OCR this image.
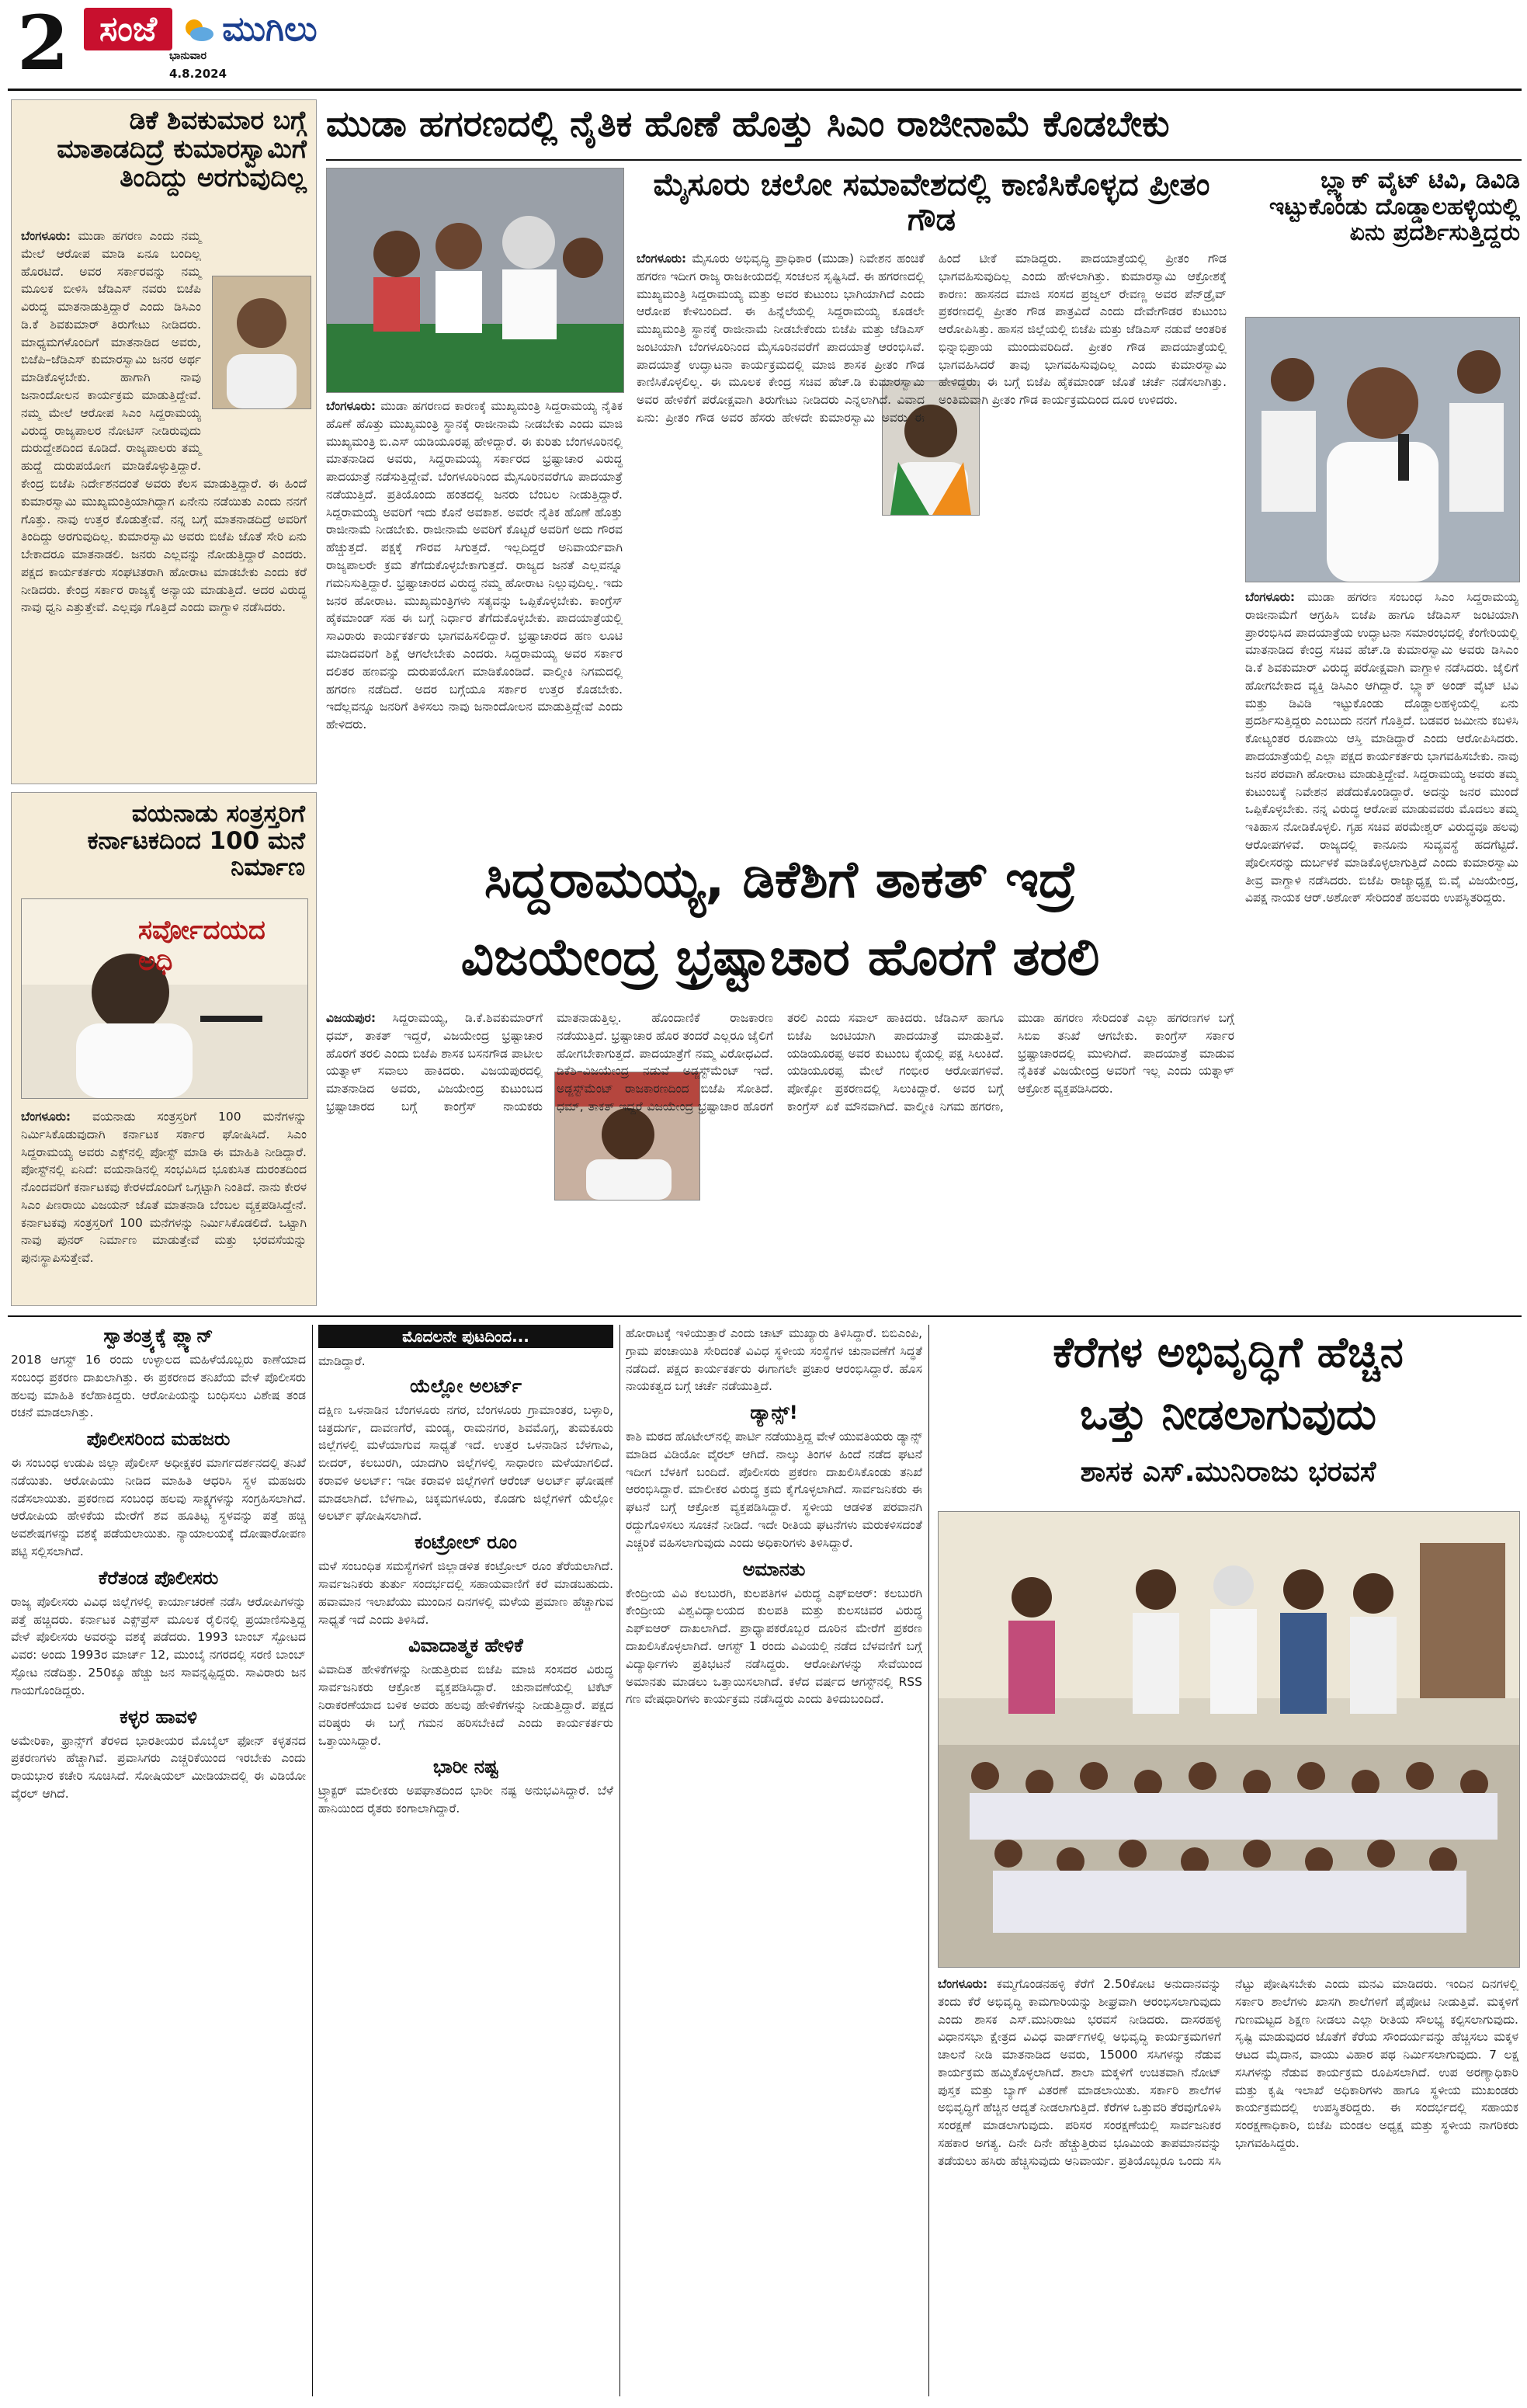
2 ಸಂಜೆ	ಮುಗಿಲು
ಭಾನುವಾರ
4.8.2024
ಡಿಕೆ ಶಿವಕುಮಾರ ಬಗ್ಗೆ ಮಾತಾಡದಿದ್ರೆ ಕುಮಾರಸ್ವಾಮಿಗೆ ತಿಂದಿದ್ದು ಅರಗುವುದಿಲ್ಲ
ಬೆಂಗಳೂರು: ಮುಡಾ ಹಗರಣ ಎಂದು ನಮ್ಮ ಮೇಲೆ ಆರೋಪ ಮಾಡಿ ಏನೂ ಬಂದಿಲ್ಲ ಹೊರಟಿದೆ. ಅವರ ಸರ್ಕಾರವನ್ನು ನಮ್ಮ ಮೂಲಕ ಬೀಳಿಸಿ ಜೆಡಿಎಸ್ ನವರು ಬಿಜೆಪಿ ವಿರುದ್ಧ ಮಾತನಾಡುತ್ತಿದ್ದಾರೆ ಎಂದು ಡಿಸಿಎಂ ಡಿ.ಕೆ ಶಿವಕುಮಾರ್ ತಿರುಗೇಟು ನೀಡಿದರು. ಮಾಧ್ಯಮಗಳೊಂದಿಗೆ ಮಾತನಾಡಿದ ಅವರು, ಬಿಜೆಪಿ–ಜೆಡಿಎಸ್ ಕುಮಾರಸ್ವಾಮಿ ಜನರ ಅರ್ಥ ಮಾಡಿಕೊಳ್ಳಬೇಕು. ಹಾಗಾಗಿ ನಾವು ಜನಾಂದೋಲನ ಕಾರ್ಯಕ್ರಮ ಮಾಡುತ್ತಿದ್ದೇವೆ. ನಮ್ಮ ಮೇಲೆ ಆರೋಪ ಸಿಎಂ ಸಿದ್ದರಾಮಯ್ಯ ವಿರುದ್ಧ ರಾಜ್ಯಪಾಲರ ನೋಟಿಸ್ ನೀಡಿರುವುದು ದುರುದ್ದೇಶದಿಂದ ಕೂಡಿದೆ. ರಾಜ್ಯಪಾಲರು ತಮ್ಮ ಹುದ್ದೆ ದುರುಪಯೋಗ ಮಾಡಿಕೊಳ್ಳುತ್ತಿದ್ದಾರೆ. ಕೇಂದ್ರ ಬಿಜೆಪಿ ನಿರ್ದೇಶನದಂತೆ ಅವರು ಕೆಲಸ ಮಾಡುತ್ತಿದ್ದಾರೆ. ಈ ಹಿಂದೆ ಕುಮಾರಸ್ವಾಮಿ ಮುಖ್ಯಮಂತ್ರಿಯಾಗಿದ್ದಾಗ ಏನೇನು ನಡೆಯಿತು ಎಂದು ನನಗೆ ಗೊತ್ತು. ನಾವು ಉತ್ತರ ಕೊಡುತ್ತೇವೆ. ನನ್ನ ಬಗ್ಗೆ ಮಾತನಾಡದಿದ್ರೆ ಅವರಿಗೆ ತಿಂದಿದ್ದು ಅರಗುವುದಿಲ್ಲ. ಕುಮಾರಸ್ವಾಮಿ ಅವರು ಬಿಜೆಪಿ ಜೊತೆ ಸೇರಿ ಏನು ಬೇಕಾದರೂ ಮಾತನಾಡಲಿ. ಜನರು ಎಲ್ಲವನ್ನು ನೋಡುತ್ತಿದ್ದಾರೆ ಎಂದರು. ಪಕ್ಷದ ಕಾರ್ಯಕರ್ತರು ಸಂಘಟಿತರಾಗಿ ಹೋರಾಟ ಮಾಡಬೇಕು ಎಂದು ಕರೆ ನೀಡಿದರು. ಕೇಂದ್ರ ಸರ್ಕಾರ ರಾಜ್ಯಕ್ಕೆ ಅನ್ಯಾಯ ಮಾಡುತ್ತಿದೆ. ಅದರ ವಿರುದ್ಧ ನಾವು ಧ್ವನಿ ಎತ್ತುತ್ತೇವೆ. ಎಲ್ಲವೂ ಗೊತ್ತಿದೆ ಎಂದು ವಾಗ್ದಾಳಿ ನಡೆಸಿದರು.
ವಯನಾಡು ಸಂತ್ರಸ್ತರಿಗೆ ಕರ್ನಾಟಕದಿಂದ 100 ಮನೆ ನಿರ್ಮಾಣ
ಸರ್ವೋದಯದ ಅಧಿ
ಬೆಂಗಳೂರು: ವಯನಾಡು ಸಂತ್ರಸ್ತರಿಗೆ 100 ಮನೆಗಳನ್ನು ನಿರ್ಮಿಸಿಕೊಡುವುದಾಗಿ ಕರ್ನಾಟಕ ಸರ್ಕಾರ ಘೋಷಿಸಿದೆ. ಸಿಎಂ ಸಿದ್ದರಾಮಯ್ಯ ಅವರು ಎಕ್ಸ್‌ನಲ್ಲಿ ಪೋಸ್ಟ್ ಮಾಡಿ ಈ ಮಾಹಿತಿ ನೀಡಿದ್ದಾರೆ. ಪೋಸ್ಟ್‌ನಲ್ಲಿ ಏನಿದೆ: ವಯನಾಡಿನಲ್ಲಿ ಸಂಭವಿಸಿದ ಭೂಕುಸಿತ ದುರಂತದಿಂದ ನೊಂದವರಿಗೆ ಕರ್ನಾಟಕವು ಕೇರಳದೊಂದಿಗೆ ಒಗ್ಗಟ್ಟಾಗಿ ನಿಂತಿದೆ. ನಾನು ಕೇರಳ ಸಿಎಂ ಪಿಣರಾಯಿ ವಿಜಯನ್ ಜೊತೆ ಮಾತನಾಡಿ ಬೆಂಬಲ ವ್ಯಕ್ತಪಡಿಸಿದ್ದೇನೆ. ಕರ್ನಾಟಕವು ಸಂತ್ರಸ್ತರಿಗೆ 100 ಮನೆಗಳನ್ನು ನಿರ್ಮಿಸಿಕೊಡಲಿದೆ. ಒಟ್ಟಾಗಿ ನಾವು ಪುನರ್ ನಿರ್ಮಾಣ ಮಾಡುತ್ತೇವೆ ಮತ್ತು ಭರವಸೆಯನ್ನು ಪುನಃಸ್ಥಾಪಿಸುತ್ತೇವೆ.
ಮುಡಾ ಹಗರಣದಲ್ಲಿ ನೈತಿಕ ಹೊಣೆ ಹೊತ್ತು ಸಿಎಂ ರಾಜೀನಾಮೆ ಕೊಡಬೇಕು
ಬೆಂಗಳೂರು: ಮುಡಾ ಹಗರಣದ ಕಾರಣಕ್ಕೆ ಮುಖ್ಯಮಂತ್ರಿ ಸಿದ್ದರಾಮಯ್ಯ ನೈತಿಕ ಹೊಣೆ ಹೊತ್ತು ಮುಖ್ಯಮಂತ್ರಿ ಸ್ಥಾನಕ್ಕೆ ರಾಜೀನಾಮೆ ನೀಡಬೇಕು ಎಂದು ಮಾಜಿ ಮುಖ್ಯಮಂತ್ರಿ ಬಿ.ಎಸ್ ಯಡಿಯೂರಪ್ಪ ಹೇಳಿದ್ದಾರೆ. ಈ ಕುರಿತು ಬೆಂಗಳೂರಿನಲ್ಲಿ ಮಾತನಾಡಿದ ಅವರು, ಸಿದ್ದರಾಮಯ್ಯ ಸರ್ಕಾರದ ಭ್ರಷ್ಟಾಚಾರ ವಿರುದ್ಧ ಪಾದಯಾತ್ರೆ ನಡೆಸುತ್ತಿದ್ದೇವೆ. ಬೆಂಗಳೂರಿನಿಂದ ಮೈಸೂರಿನವರೆಗೂ ಪಾದಯಾತ್ರೆ ನಡೆಯುತ್ತಿದೆ. ಪ್ರತಿಯೊಂದು ಹಂತದಲ್ಲಿ ಜನರು ಬೆಂಬಲ ನೀಡುತ್ತಿದ್ದಾರೆ. ಸಿದ್ದರಾಮಯ್ಯ ಅವರಿಗೆ ಇದು ಕೊನೆ ಅವಕಾಶ. ಅವರೇ ನೈತಿಕ ಹೊಣೆ ಹೊತ್ತು ರಾಜೀನಾಮೆ ನೀಡಬೇಕು. ರಾಜೀನಾಮೆ ಅವರಿಗೆ ಕೊಟ್ಟರೆ ಅವರಿಗೆ ಅದು ಗೌರವ ಹೆಚ್ಚುತ್ತದೆ. ಪಕ್ಷಕ್ಕೆ ಗೌರವ ಸಿಗುತ್ತದೆ. ಇಲ್ಲದಿದ್ದರೆ ಅನಿವಾರ್ಯವಾಗಿ ರಾಜ್ಯಪಾಲರೇ ಕ್ರಮ ತೆಗೆದುಕೊಳ್ಳಬೇಕಾಗುತ್ತದೆ. ರಾಜ್ಯದ ಜನತೆ ಎಲ್ಲವನ್ನೂ ಗಮನಿಸುತ್ತಿದ್ದಾರೆ. ಭ್ರಷ್ಟಾಚಾರದ ವಿರುದ್ಧ ನಮ್ಮ ಹೋರಾಟ ನಿಲ್ಲುವುದಿಲ್ಲ. ಇದು ಜನರ ಹೋರಾಟ. ಮುಖ್ಯಮಂತ್ರಿಗಳು ಸತ್ಯವನ್ನು ಒಪ್ಪಿಕೊಳ್ಳಬೇಕು. ಕಾಂಗ್ರೆಸ್ ಹೈಕಮಾಂಡ್ ಸಹ ಈ ಬಗ್ಗೆ ನಿರ್ಧಾರ ತೆಗೆದುಕೊಳ್ಳಬೇಕು. ಪಾದಯಾತ್ರೆಯಲ್ಲಿ ಸಾವಿರಾರು ಕಾರ್ಯಕರ್ತರು ಭಾಗವಹಿಸಲಿದ್ದಾರೆ. ಭ್ರಷ್ಟಾಚಾರದ ಹಣ ಲೂಟಿ ಮಾಡಿದವರಿಗೆ ಶಿಕ್ಷೆ ಆಗಲೇಬೇಕು ಎಂದರು. ಸಿದ್ದರಾಮಯ್ಯ ಅವರ ಸರ್ಕಾರ ದಲಿತರ ಹಣವನ್ನು ದುರುಪಯೋಗ ಮಾಡಿಕೊಂಡಿದೆ. ವಾಲ್ಮೀಕಿ ನಿಗಮದಲ್ಲಿ ಹಗರಣ ನಡೆದಿದೆ. ಅದರ ಬಗ್ಗೆಯೂ ಸರ್ಕಾರ ಉತ್ತರ ಕೊಡಬೇಕು. ಇದೆಲ್ಲವನ್ನೂ ಜನರಿಗೆ ತಿಳಿಸಲು ನಾವು ಜನಾಂದೋಲನ ಮಾಡುತ್ತಿದ್ದೇವೆ ಎಂದು ಹೇಳಿದರು.
ಮೈಸೂರು ಚಲೋ ಸಮಾವೇಶದಲ್ಲಿ ಕಾಣಿಸಿಕೊಳ್ಳದ ಪ್ರೀತಂ ಗೌಡ
ಬೆಂಗಳೂರು: ಮೈಸೂರು ಅಭಿವೃದ್ಧಿ ಪ್ರಾಧಿಕಾರ (ಮುಡಾ) ನಿವೇಶನ ಹಂಚಿಕೆ ಹಗರಣ ಇದೀಗ ರಾಜ್ಯ ರಾಜಕೀಯದಲ್ಲಿ ಸಂಚಲನ ಸೃಷ್ಟಿಸಿದೆ. ಈ ಹಗರಣದಲ್ಲಿ ಮುಖ್ಯಮಂತ್ರಿ ಸಿದ್ದರಾಮಯ್ಯ ಮತ್ತು ಅವರ ಕುಟುಂಬ ಭಾಗಿಯಾಗಿದೆ ಎಂದು ಆರೋಪ ಕೇಳಿಬಂದಿದೆ. ಈ ಹಿನ್ನೆಲೆಯಲ್ಲಿ ಸಿದ್ದರಾಮಯ್ಯ ಕೂಡಲೇ ಮುಖ್ಯಮಂತ್ರಿ ಸ್ಥಾನಕ್ಕೆ ರಾಜೀನಾಮೆ ನೀಡಬೇಕೆಂದು ಬಿಜೆಪಿ ಮತ್ತು ಜೆಡಿಎಸ್ ಜಂಟಿಯಾಗಿ ಬೆಂಗಳೂರಿನಿಂದ ಮೈಸೂರಿನವರೆಗೆ ಪಾದಯಾತ್ರೆ ಆರಂಭಿಸಿವೆ. ಪಾದಯಾತ್ರೆ ಉದ್ಘಾಟನಾ ಕಾರ್ಯಕ್ರಮದಲ್ಲಿ ಮಾಜಿ ಶಾಸಕ ಪ್ರೀತಂ ಗೌಡ ಕಾಣಿಸಿಕೊಳ್ಳಲಿಲ್ಲ. ಈ ಮೂಲಕ ಕೇಂದ್ರ ಸಚಿವ ಹೆಚ್.ಡಿ ಕುಮಾರಸ್ವಾಮಿ ಅವರ ಹೇಳಿಕೆಗೆ ಪರೋಕ್ಷವಾಗಿ ತಿರುಗೇಟು ನೀಡಿದರು ಎನ್ನಲಾಗಿದೆ. ವಿವಾದ ಏನು: ಪ್ರೀತಂ ಗೌಡ ಅವರ ಹೆಸರು ಹೇಳದೇ ಕುಮಾರಸ್ವಾಮಿ ಅವರು ಈ ಹಿಂದೆ ಟೀಕೆ ಮಾಡಿದ್ದರು. ಪಾದಯಾತ್ರೆಯಲ್ಲಿ ಪ್ರೀತಂ ಗೌಡ ಭಾಗವಹಿಸುವುದಿಲ್ಲ ಎಂದು ಹೇಳಲಾಗಿತ್ತು. ಕುಮಾರಸ್ವಾಮಿ ಆಕ್ರೋಶಕ್ಕೆ ಕಾರಣ: ಹಾಸನದ ಮಾಜಿ ಸಂಸದ ಪ್ರಜ್ವಲ್ ರೇವಣ್ಣ ಅವರ ಪೆನ್‌ಡ್ರೈವ್ ಪ್ರಕರಣದಲ್ಲಿ ಪ್ರೀತಂ ಗೌಡ ಪಾತ್ರವಿದೆ ಎಂದು ದೇವೇಗೌಡರ ಕುಟುಂಬ ಆರೋಪಿಸಿತ್ತು. ಹಾಸನ ಜಿಲ್ಲೆಯಲ್ಲಿ ಬಿಜೆಪಿ ಮತ್ತು ಜೆಡಿಎಸ್ ನಡುವೆ ಆಂತರಿಕ ಭಿನ್ನಾಭಿಪ್ರಾಯ ಮುಂದುವರಿದಿದೆ. ಪ್ರೀತಂ ಗೌಡ ಪಾದಯಾತ್ರೆಯಲ್ಲಿ ಭಾಗವಹಿಸಿದರೆ ತಾವು ಭಾಗವಹಿಸುವುದಿಲ್ಲ ಎಂದು ಕುಮಾರಸ್ವಾಮಿ ಹೇಳಿದ್ದರು. ಈ ಬಗ್ಗೆ ಬಿಜೆಪಿ ಹೈಕಮಾಂಡ್ ಜೊತೆ ಚರ್ಚೆ ನಡೆಸಲಾಗಿತ್ತು. ಅಂತಿಮವಾಗಿ ಪ್ರೀತಂ ಗೌಡ ಕಾರ್ಯಕ್ರಮದಿಂದ ದೂರ ಉಳಿದರು.
ಬ್ಲ್ಯಾಕ್ ವೈಟ್ ಟಿವಿ, ಡಿವಿಡಿ ಇಟ್ಟುಕೊಂಡು ದೊಡ್ಡಾಲಹಳ್ಳಿಯಲ್ಲಿ ಏನು ಪ್ರದರ್ಶಿಸುತ್ತಿದ್ದರು
ಬೆಂಗಳೂರು: ಮುಡಾ ಹಗರಣ ಸಂಬಂಧ ಸಿಎಂ ಸಿದ್ದರಾಮಯ್ಯ ರಾಜೀನಾಮೆಗೆ ಆಗ್ರಹಿಸಿ ಬಿಜೆಪಿ ಹಾಗೂ ಜೆಡಿಎಸ್ ಜಂಟಿಯಾಗಿ ಪ್ರಾರಂಭಿಸಿದ ಪಾದಯಾತ್ರೆಯ ಉದ್ಘಾಟನಾ ಸಮಾರಂಭದಲ್ಲಿ ಕೆಂಗೇರಿಯಲ್ಲಿ ಮಾತನಾಡಿದ ಕೇಂದ್ರ ಸಚಿವ ಹೆಚ್.ಡಿ ಕುಮಾರಸ್ವಾಮಿ ಅವರು ಡಿಸಿಎಂ ಡಿ.ಕೆ ಶಿವಕುಮಾರ್ ವಿರುದ್ಧ ಪರೋಕ್ಷವಾಗಿ ವಾಗ್ದಾಳಿ ನಡೆಸಿದರು. ಜೈಲಿಗೆ ಹೋಗಬೇಕಾದ ವ್ಯಕ್ತಿ ಡಿಸಿಎಂ ಆಗಿದ್ದಾರೆ. ಬ್ಲ್ಯಾಕ್ ಅಂಡ್ ವೈಟ್ ಟಿವಿ ಮತ್ತು ಡಿವಿಡಿ ಇಟ್ಟುಕೊಂಡು ದೊಡ್ಡಾಲಹಳ್ಳಿಯಲ್ಲಿ ಏನು ಪ್ರದರ್ಶಿಸುತ್ತಿದ್ದರು ಎಂಬುದು ನನಗೆ ಗೊತ್ತಿದೆ. ಬಡವರ ಜಮೀನು ಕಬಳಿಸಿ ಕೋಟ್ಯಂತರ ರೂಪಾಯಿ ಆಸ್ತಿ ಮಾಡಿದ್ದಾರೆ ಎಂದು ಆರೋಪಿಸಿದರು. ಪಾದಯಾತ್ರೆಯಲ್ಲಿ ಎಲ್ಲಾ ಪಕ್ಷದ ಕಾರ್ಯಕರ್ತರು ಭಾಗವಹಿಸಬೇಕು. ನಾವು ಜನರ ಪರವಾಗಿ ಹೋರಾಟ ಮಾಡುತ್ತಿದ್ದೇವೆ. ಸಿದ್ದರಾಮಯ್ಯ ಅವರು ತಮ್ಮ ಕುಟುಂಬಕ್ಕೆ ನಿವೇಶನ ಪಡೆದುಕೊಂಡಿದ್ದಾರೆ. ಅದನ್ನು ಜನರ ಮುಂದೆ ಒಪ್ಪಿಕೊಳ್ಳಬೇಕು. ನನ್ನ ವಿರುದ್ಧ ಆರೋಪ ಮಾಡುವವರು ಮೊದಲು ತಮ್ಮ ಇತಿಹಾಸ ನೋಡಿಕೊಳ್ಳಲಿ. ಗೃಹ ಸಚಿವ ಪರಮೇಶ್ವರ್ ವಿರುದ್ಧವೂ ಹಲವು ಆರೋಪಗಳಿವೆ. ರಾಜ್ಯದಲ್ಲಿ ಕಾನೂನು ಸುವ್ಯವಸ್ಥೆ ಹದಗೆಟ್ಟಿದೆ. ಪೊಲೀಸರನ್ನು ದುರ್ಬಳಕೆ ಮಾಡಿಕೊಳ್ಳಲಾಗುತ್ತಿದೆ ಎಂದು ಕುಮಾರಸ್ವಾಮಿ ತೀವ್ರ ವಾಗ್ದಾಳಿ ನಡೆಸಿದರು. ಬಿಜೆಪಿ ರಾಜ್ಯಾಧ್ಯಕ್ಷ ಬಿ.ವೈ ವಿಜಯೇಂದ್ರ, ವಿಪಕ್ಷ ನಾಯಕ ಆರ್.ಅಶೋಕ್ ಸೇರಿದಂತೆ ಹಲವರು ಉಪಸ್ಥಿತರಿದ್ದರು.
ಸಿದ್ದರಾಮಯ್ಯ, ಡಿಕೆಶಿಗೆ ತಾಕತ್ ಇದ್ರೆ
ವಿಜಯೇಂದ್ರ ಭ್ರಷ್ಟಾಚಾರ ಹೊರಗೆ ತರಲಿ
ವಿಜಯಪುರ: ಸಿದ್ದರಾಮಯ್ಯ, ಡಿ.ಕೆ.ಶಿವಕುಮಾರ್‌ಗೆ ಧಮ್, ತಾಕತ್ ಇದ್ದರೆ, ವಿಜಯೇಂದ್ರ ಭ್ರಷ್ಟಾಚಾರ ಹೊರಗೆ ತರಲಿ ಎಂದು ಬಿಜೆಪಿ ಶಾಸಕ ಬಸನಗೌಡ ಪಾಟೀಲ ಯತ್ನಾಳ್ ಸವಾಲು ಹಾಕಿದರು. ವಿಜಯಪುರದಲ್ಲಿ ಮಾತನಾಡಿದ ಅವರು, ವಿಜಯೇಂದ್ರ ಕುಟುಂಬದ ಭ್ರಷ್ಟಾಚಾರದ ಬಗ್ಗೆ ಕಾಂಗ್ರೆಸ್ ನಾಯಕರು ಮಾತನಾಡುತ್ತಿಲ್ಲ. ಹೊಂದಾಣಿಕೆ ರಾಜಕಾರಣ ನಡೆಯುತ್ತಿದೆ. ಭ್ರಷ್ಟಾಚಾರ ಹೊರ ತಂದರೆ ಎಲ್ಲರೂ ಜೈಲಿಗೆ ಹೋಗಬೇಕಾಗುತ್ತದೆ. ಪಾದಯಾತ್ರೆಗೆ ನಮ್ಮ ವಿರೋಧವಿದೆ. ಡಿಕೆಶಿ–ವಿಜಯೇಂದ್ರ ನಡುವೆ ಅಡ್ಜಸ್ಟ್‌ಮೆಂಟ್ ಇದೆ. ಅಡ್ಜಸ್ಟ್‌ಮೆಂಟ್ ರಾಜಕಾರಣದಿಂದ ಬಿಜೆಪಿ ಸೋತಿದೆ. ಧಮ್, ತಾಕತ್ ಇದ್ದರೆ ವಿಜಯೇಂದ್ರ ಭ್ರಷ್ಟಾಚಾರ ಹೊರಗೆ ತರಲಿ ಎಂದು ಸವಾಲ್ ಹಾಕಿದರು. ಜೆಡಿಎಸ್ ಹಾಗೂ ಬಿಜೆಪಿ ಜಂಟಿಯಾಗಿ ಪಾದಯಾತ್ರೆ ಮಾಡುತ್ತಿವೆ. ಯಡಿಯೂರಪ್ಪ ಅವರ ಕುಟುಂಬ ಕೈಯಲ್ಲಿ ಪಕ್ಷ ಸಿಲುಕಿದೆ. ಯಡಿಯೂರಪ್ಪ ಮೇಲೆ ಗಂಭೀರ ಆರೋಪಗಳಿವೆ. ಪೋಕ್ಸೋ ಪ್ರಕರಣದಲ್ಲಿ ಸಿಲುಕಿದ್ದಾರೆ. ಅವರ ಬಗ್ಗೆ ಕಾಂಗ್ರೆಸ್ ಏಕೆ ಮೌನವಾಗಿದೆ. ವಾಲ್ಮೀಕಿ ನಿಗಮ ಹಗರಣ, ಮುಡಾ ಹಗರಣ ಸೇರಿದಂತೆ ಎಲ್ಲಾ ಹಗರಣಗಳ ಬಗ್ಗೆ ಸಿಬಿಐ ತನಿಖೆ ಆಗಬೇಕು. ಕಾಂಗ್ರೆಸ್ ಸರ್ಕಾರ ಭ್ರಷ್ಟಾಚಾರದಲ್ಲಿ ಮುಳುಗಿದೆ. ಪಾದಯಾತ್ರೆ ಮಾಡುವ ನೈತಿಕತೆ ವಿಜಯೇಂದ್ರ ಅವರಿಗೆ ಇಲ್ಲ ಎಂದು ಯತ್ನಾಳ್ ಆಕ್ರೋಶ ವ್ಯಕ್ತಪಡಿಸಿದರು.
ಸ್ವಾತಂತ್ರ್ಯಕ್ಕೆ ಪ್ಲ್ಯಾನ್
2018 ಆಗಸ್ಟ್ 16 ರಂದು ಉಳ್ಳಾಲದ ಮಹಿಳೆಯೊಬ್ಬರು ಕಾಣೆಯಾದ ಸಂಬಂಧ ಪ್ರಕರಣ ದಾಖಲಾಗಿತ್ತು. ಈ ಪ್ರಕರಣದ ತನಿಖೆಯ ವೇಳೆ ಪೊಲೀಸರು ಹಲವು ಮಾಹಿತಿ ಕಲೆಹಾಕಿದ್ದರು. ಆರೋಪಿಯನ್ನು ಬಂಧಿಸಲು ವಿಶೇಷ ತಂಡ ರಚನೆ ಮಾಡಲಾಗಿತ್ತು.
ಪೊಲೀಸರಿಂದ ಮಹಜರು
ಈ ಸಂಬಂಧ ಉಡುಪಿ ಜಿಲ್ಲಾ ಪೊಲೀಸ್ ಅಧೀಕ್ಷಕರ ಮಾರ್ಗದರ್ಶನದಲ್ಲಿ ತನಿಖೆ ನಡೆಯಿತು. ಆರೋಪಿಯು ನೀಡಿದ ಮಾಹಿತಿ ಆಧರಿಸಿ ಸ್ಥಳ ಮಹಜರು ನಡೆಸಲಾಯಿತು. ಪ್ರಕರಣದ ಸಂಬಂಧ ಹಲವು ಸಾಕ್ಷ್ಯಗಳನ್ನು ಸಂಗ್ರಹಿಸಲಾಗಿದೆ. ಆರೋಪಿಯ ಹೇಳಿಕೆಯ ಮೇರೆಗೆ ಶವ ಹೂತಿಟ್ಟ ಸ್ಥಳವನ್ನು ಪತ್ತೆ ಹಚ್ಚಿ ಅವಶೇಷಗಳನ್ನು ವಶಕ್ಕೆ ಪಡೆಯಲಾಯಿತು. ನ್ಯಾಯಾಲಯಕ್ಕೆ ದೋಷಾರೋಪಣ ಪಟ್ಟಿ ಸಲ್ಲಿಸಲಾಗಿದೆ.
ಕೆರೆತಂಡ ಪೊಲೀಸರು
ರಾಜ್ಯ ಪೊಲೀಸರು ವಿವಿಧ ಜಿಲ್ಲೆಗಳಲ್ಲಿ ಕಾರ್ಯಾಚರಣೆ ನಡೆಸಿ ಆರೋಪಿಗಳನ್ನು ಪತ್ತೆ ಹಚ್ಚಿದರು. ಕರ್ನಾಟಕ ಎಕ್ಸ್‌ಪ್ರೆಸ್ ಮೂಲಕ ರೈಲಿನಲ್ಲಿ ಪ್ರಯಾಣಿಸುತ್ತಿದ್ದ ವೇಳೆ ಪೊಲೀಸರು ಅವರನ್ನು ವಶಕ್ಕೆ ಪಡೆದರು. 1993 ಬಾಂಬ್ ಸ್ಫೋಟದ ವಿವರ: ಅಂದು 1993ರ ಮಾರ್ಚ್ 12, ಮುಂಬೈ ನಗರದಲ್ಲಿ ಸರಣಿ ಬಾಂಬ್ ಸ್ಫೋಟ ನಡೆದಿತ್ತು. 250ಕ್ಕೂ ಹೆಚ್ಚು ಜನ ಸಾವನ್ನಪ್ಪಿದ್ದರು. ಸಾವಿರಾರು ಜನ ಗಾಯಗೊಂಡಿದ್ದರು.
ಕಳ್ಳರ ಹಾವಳಿ
ಅಮೇರಿಕಾ, ಫ್ರಾನ್ಸ್‌ಗೆ ತೆರಳಿದ ಭಾರತೀಯರ ಮೊಬೈಲ್ ಫೋನ್ ಕಳ್ಳತನದ ಪ್ರಕರಣಗಳು ಹೆಚ್ಚಾಗಿವೆ. ಪ್ರವಾಸಿಗರು ಎಚ್ಚರಿಕೆಯಿಂದ ಇರಬೇಕು ಎಂದು ರಾಯಭಾರ ಕಚೇರಿ ಸೂಚಿಸಿದೆ. ಸೋಷಿಯಲ್ ಮೀಡಿಯಾದಲ್ಲಿ ಈ ವಿಡಿಯೋ ವೈರಲ್ ಆಗಿದೆ.
ಮೊದಲನೇ ಪುಟದಿಂದ...
ಮಾಡಿದ್ದಾರೆ.
ಯೆಲ್ಲೋ ಅಲರ್ಟ್
ದಕ್ಷಿಣ ಒಳನಾಡಿನ ಬೆಂಗಳೂರು ನಗರ, ಬೆಂಗಳೂರು ಗ್ರಾಮಾಂತರ, ಬಳ್ಳಾರಿ, ಚಿತ್ರದುರ್ಗ, ದಾವಣಗೆರೆ, ಮಂಡ್ಯ, ರಾಮನಗರ, ಶಿವಮೊಗ್ಗ, ತುಮಕೂರು ಜಿಲ್ಲೆಗಳಲ್ಲಿ ಮಳೆಯಾಗುವ ಸಾಧ್ಯತೆ ಇದೆ. ಉತ್ತರ ಒಳನಾಡಿನ ಬೆಳಗಾವಿ, ಬೀದರ್, ಕಲಬುರಗಿ, ಯಾದಗಿರಿ ಜಿಲ್ಲೆಗಳಲ್ಲಿ ಸಾಧಾರಣ ಮಳೆಯಾಗಲಿದೆ. ಕರಾವಳಿ ಅಲರ್ಟ್: ಇಡೀ ಕರಾವಳಿ ಜಿಲ್ಲೆಗಳಿಗೆ ಆರೆಂಜ್ ಅಲರ್ಟ್ ಘೋಷಣೆ ಮಾಡಲಾಗಿದೆ. ಬೆಳಗಾವಿ, ಚಿಕ್ಕಮಗಳೂರು, ಕೊಡಗು ಜಿಲ್ಲೆಗಳಿಗೆ ಯೆಲ್ಲೋ ಅಲರ್ಟ್ ಘೋಷಿಸಲಾಗಿದೆ.
ಕಂಟ್ರೋಲ್ ರೂಂ
ಮಳೆ ಸಂಬಂಧಿತ ಸಮಸ್ಯೆಗಳಿಗೆ ಜಿಲ್ಲಾಡಳಿತ ಕಂಟ್ರೋಲ್ ರೂಂ ತೆರೆಯಲಾಗಿದೆ. ಸಾರ್ವಜನಿಕರು ತುರ್ತು ಸಂದರ್ಭದಲ್ಲಿ ಸಹಾಯವಾಣಿಗೆ ಕರೆ ಮಾಡಬಹುದು. ಹವಾಮಾನ ಇಲಾಖೆಯು ಮುಂದಿನ ದಿನಗಳಲ್ಲಿ ಮಳೆಯ ಪ್ರಮಾಣ ಹೆಚ್ಚಾಗುವ ಸಾಧ್ಯತೆ ಇದೆ ಎಂದು ತಿಳಿಸಿದೆ.
ವಿವಾದಾತ್ಮಕ ಹೇಳಿಕೆ
ವಿವಾದಿತ ಹೇಳಿಕೆಗಳನ್ನು ನೀಡುತ್ತಿರುವ ಬಿಜೆಪಿ ಮಾಜಿ ಸಂಸದರ ವಿರುದ್ಧ ಸಾರ್ವಜನಿಕರು ಆಕ್ರೋಶ ವ್ಯಕ್ತಪಡಿಸಿದ್ದಾರೆ. ಚುನಾವಣೆಯಲ್ಲಿ ಟಿಕೆಟ್ ನಿರಾಕರಣೆಯಾದ ಬಳಿಕ ಅವರು ಹಲವು ಹೇಳಿಕೆಗಳನ್ನು ನೀಡುತ್ತಿದ್ದಾರೆ. ಪಕ್ಷದ ವರಿಷ್ಠರು ಈ ಬಗ್ಗೆ ಗಮನ ಹರಿಸಬೇಕಿದೆ ಎಂದು ಕಾರ್ಯಕರ್ತರು ಒತ್ತಾಯಿಸಿದ್ದಾರೆ.
ಭಾರೀ ನಷ್ಟ
ಟ್ರ್ಯಾಕ್ಟರ್ ಮಾಲೀಕರು ಅಪಘಾತದಿಂದ ಭಾರೀ ನಷ್ಟ ಅನುಭವಿಸಿದ್ದಾರೆ. ಬೆಳೆ ಹಾನಿಯಿಂದ ರೈತರು ಕಂಗಾಲಾಗಿದ್ದಾರೆ.
ಹೋರಾಟಕ್ಕೆ ಇಳಿಯುತ್ತಾರೆ ಎಂದು ಚಾಟ್ ಮುಖ್ಯಾರು ತಿಳಿಸಿದ್ದಾರೆ. ಬಿಬಿಎಂಪಿ, ಗ್ರಾಮ ಪಂಚಾಯಿತಿ ಸೇರಿದಂತೆ ವಿವಿಧ ಸ್ಥಳೀಯ ಸಂಸ್ಥೆಗಳ ಚುನಾವಣೆಗೆ ಸಿದ್ಧತೆ ನಡೆದಿದೆ. ಪಕ್ಷದ ಕಾರ್ಯಕರ್ತರು ಈಗಾಗಲೇ ಪ್ರಚಾರ ಆರಂಭಿಸಿದ್ದಾರೆ. ಹೊಸ ನಾಯಕತ್ವದ ಬಗ್ಗೆ ಚರ್ಚೆ ನಡೆಯುತ್ತಿದೆ.
ಡ್ಯಾನ್ಸ್!
ಕಾಶಿ ಮಠದ ಹೊಟೇಲ್‌ನಲ್ಲಿ ಪಾರ್ಟಿ ನಡೆಯುತ್ತಿದ್ದ ವೇಳೆ ಯುವತಿಯರು ಡ್ಯಾನ್ಸ್ ಮಾಡಿದ ವಿಡಿಯೋ ವೈರಲ್ ಆಗಿದೆ. ನಾಲ್ಕು ತಿಂಗಳ ಹಿಂದೆ ನಡೆದ ಘಟನೆ ಇದೀಗ ಬೆಳಕಿಗೆ ಬಂದಿದೆ. ಪೊಲೀಸರು ಪ್ರಕರಣ ದಾಖಲಿಸಿಕೊಂಡು ತನಿಖೆ ಆರಂಭಿಸಿದ್ದಾರೆ. ಮಾಲೀಕರ ವಿರುದ್ಧ ಕ್ರಮ ಕೈಗೊಳ್ಳಲಾಗಿದೆ. ಸಾರ್ವಜನಿಕರು ಈ ಘಟನೆ ಬಗ್ಗೆ ಆಕ್ರೋಶ ವ್ಯಕ್ತಪಡಿಸಿದ್ದಾರೆ. ಸ್ಥಳೀಯ ಆಡಳಿತ ಪರವಾನಗಿ ರದ್ದುಗೊಳಿಸಲು ಸೂಚನೆ ನೀಡಿದೆ. ಇದೇ ರೀತಿಯ ಘಟನೆಗಳು ಮರುಕಳಿಸದಂತೆ ಎಚ್ಚರಿಕೆ ವಹಿಸಲಾಗುವುದು ಎಂದು ಅಧಿಕಾರಿಗಳು ತಿಳಿಸಿದ್ದಾರೆ.
ಅಮಾನತು
ಕೇಂದ್ರೀಯ ವಿವಿ ಕಲಬುರಗಿ, ಕುಲಪತಿಗಳ ವಿರುದ್ಧ ಎಫ್ಐಆರ್: ಕಲಬುರಗಿ ಕೇಂದ್ರೀಯ ವಿಶ್ವವಿದ್ಯಾಲಯದ ಕುಲಪತಿ ಮತ್ತು ಕುಲಸಚಿವರ ವಿರುದ್ಧ ಎಫ್ಐಆರ್ ದಾಖಲಾಗಿದೆ. ಪ್ರಾಧ್ಯಾಪಕರೊಬ್ಬರ ದೂರಿನ ಮೇರೆಗೆ ಪ್ರಕರಣ ದಾಖಲಿಸಿಕೊಳ್ಳಲಾಗಿದೆ. ಆಗಸ್ಟ್ 1 ರಂದು ವಿವಿಯಲ್ಲಿ ನಡೆದ ಬೆಳವಣಿಗೆ ಬಗ್ಗೆ ವಿದ್ಯಾರ್ಥಿಗಳು ಪ್ರತಿಭಟನೆ ನಡೆಸಿದ್ದರು. ಆರೋಪಿಗಳನ್ನು ಸೇವೆಯಿಂದ ಅಮಾನತು ಮಾಡಲು ಒತ್ತಾಯಿಸಲಾಗಿದೆ. ಕಳೆದ ವರ್ಷದ ಆಗಸ್ಟ್‌ನಲ್ಲಿ RSS ಗಣ ವೇಷಧಾರಿಗಳು ಕಾರ್ಯಕ್ರಮ ನಡೆಸಿದ್ದರು ಎಂದು ತಿಳಿದುಬಂದಿದೆ.
ಕೆರೆಗಳ ಅಭಿವೃದ್ಧಿಗೆ ಹೆಚ್ಚಿನ
ಒತ್ತು ನೀಡಲಾಗುವುದು
ಶಾಸಕ ಎಸ್.ಮುನಿರಾಜು ಭರವಸೆ
ಬೆಂಗಳೂರು: ಕಮ್ಮಗೊಂಡನಹಳ್ಳಿ ಕೆರೆಗೆ 2.50ಕೋಟಿ ಅನುದಾನವನ್ನು ತಂದು ಕೆರೆ ಅಭಿವೃದ್ಧಿ ಕಾಮಗಾರಿಯನ್ನು ಶೀಘ್ರವಾಗಿ ಆರಂಭಿಸಲಾಗುವುದು ಎಂದು ಶಾಸಕ ಎಸ್.ಮುನಿರಾಜು ಭರವಸೆ ನೀಡಿದರು. ದಾಸರಹಳ್ಳಿ ವಿಧಾನಸಭಾ ಕ್ಷೇತ್ರದ ವಿವಿಧ ವಾರ್ಡ್‌ಗಳಲ್ಲಿ ಅಭಿವೃದ್ಧಿ ಕಾರ್ಯಕ್ರಮಗಳಿಗೆ ಚಾಲನೆ ನೀಡಿ ಮಾತನಾಡಿದ ಅವರು, 15000 ಸಸಿಗಳನ್ನು ನೆಡುವ ಕಾರ್ಯಕ್ರಮ ಹಮ್ಮಿಕೊಳ್ಳಲಾಗಿದೆ. ಶಾಲಾ ಮಕ್ಕಳಿಗೆ ಉಚಿತವಾಗಿ ನೋಟ್ ಪುಸ್ತಕ ಮತ್ತು ಬ್ಯಾಗ್ ವಿತರಣೆ ಮಾಡಲಾಯಿತು. ಸರ್ಕಾರಿ ಶಾಲೆಗಳ ಅಭಿವೃದ್ಧಿಗೆ ಹೆಚ್ಚಿನ ಆದ್ಯತೆ ನೀಡಲಾಗುತ್ತಿದೆ. ಕೆರೆಗಳ ಒತ್ತುವರಿ ತೆರವುಗೊಳಿಸಿ ಸಂರಕ್ಷಣೆ ಮಾಡಲಾಗುವುದು. ಪರಿಸರ ಸಂರಕ್ಷಣೆಯಲ್ಲಿ ಸಾರ್ವಜನಿಕರ ಸಹಕಾರ ಅಗತ್ಯ. ದಿನೇ ದಿನೇ ಹೆಚ್ಚುತ್ತಿರುವ ಭೂಮಿಯ ತಾಪಮಾನವನ್ನು ತಡೆಯಲು ಹಸಿರು ಹೆಚ್ಚಿಸುವುದು ಅನಿವಾರ್ಯ. ಪ್ರತಿಯೊಬ್ಬರೂ ಒಂದು ಸಸಿ ನೆಟ್ಟು ಪೋಷಿಸಬೇಕು ಎಂದು ಮನವಿ ಮಾಡಿದರು. ಇಂದಿನ ದಿನಗಳಲ್ಲಿ ಸರ್ಕಾರಿ ಶಾಲೆಗಳು ಖಾಸಗಿ ಶಾಲೆಗಳಿಗೆ ಪೈಪೋಟಿ ನೀಡುತ್ತಿವೆ. ಮಕ್ಕಳಿಗೆ ಗುಣಮಟ್ಟದ ಶಿಕ್ಷಣ ನೀಡಲು ಎಲ್ಲಾ ರೀತಿಯ ಸೌಲಭ್ಯ ಕಲ್ಪಿಸಲಾಗುವುದು. ಸೃಷ್ಟಿ ಮಾಡುವುದರ ಜೊತೆಗೆ ಕೆರೆಯ ಸೌಂದರ್ಯವನ್ನು ಹೆಚ್ಚಿಸಲು ಮಕ್ಕಳ ಆಟದ ಮೈದಾನ, ವಾಯು ವಿಹಾರ ಪಥ ನಿರ್ಮಿಸಲಾಗುವುದು. 7 ಲಕ್ಷ ಸಸಿಗಳನ್ನು ನೆಡುವ ಕಾರ್ಯಕ್ರಮ ರೂಪಿಸಲಾಗಿದೆ. ಉಪ ಅರಣ್ಯಾಧಿಕಾರಿ ಮತ್ತು ಕೃಷಿ ಇಲಾಖೆ ಅಧಿಕಾರಿಗಳು ಹಾಗೂ ಸ್ಥಳೀಯ ಮುಖಂಡರು ಕಾರ್ಯಕ್ರಮದಲ್ಲಿ ಉಪಸ್ಥಿತರಿದ್ದರು. ಈ ಸಂದರ್ಭದಲ್ಲಿ ಸಹಾಯಕ ಸಂರಕ್ಷಣಾಧಿಕಾರಿ, ಬಿಜೆಪಿ ಮಂಡಲ ಅಧ್ಯಕ್ಷ ಮತ್ತು ಸ್ಥಳೀಯ ನಾಗರಿಕರು ಭಾಗವಹಿಸಿದ್ದರು.
